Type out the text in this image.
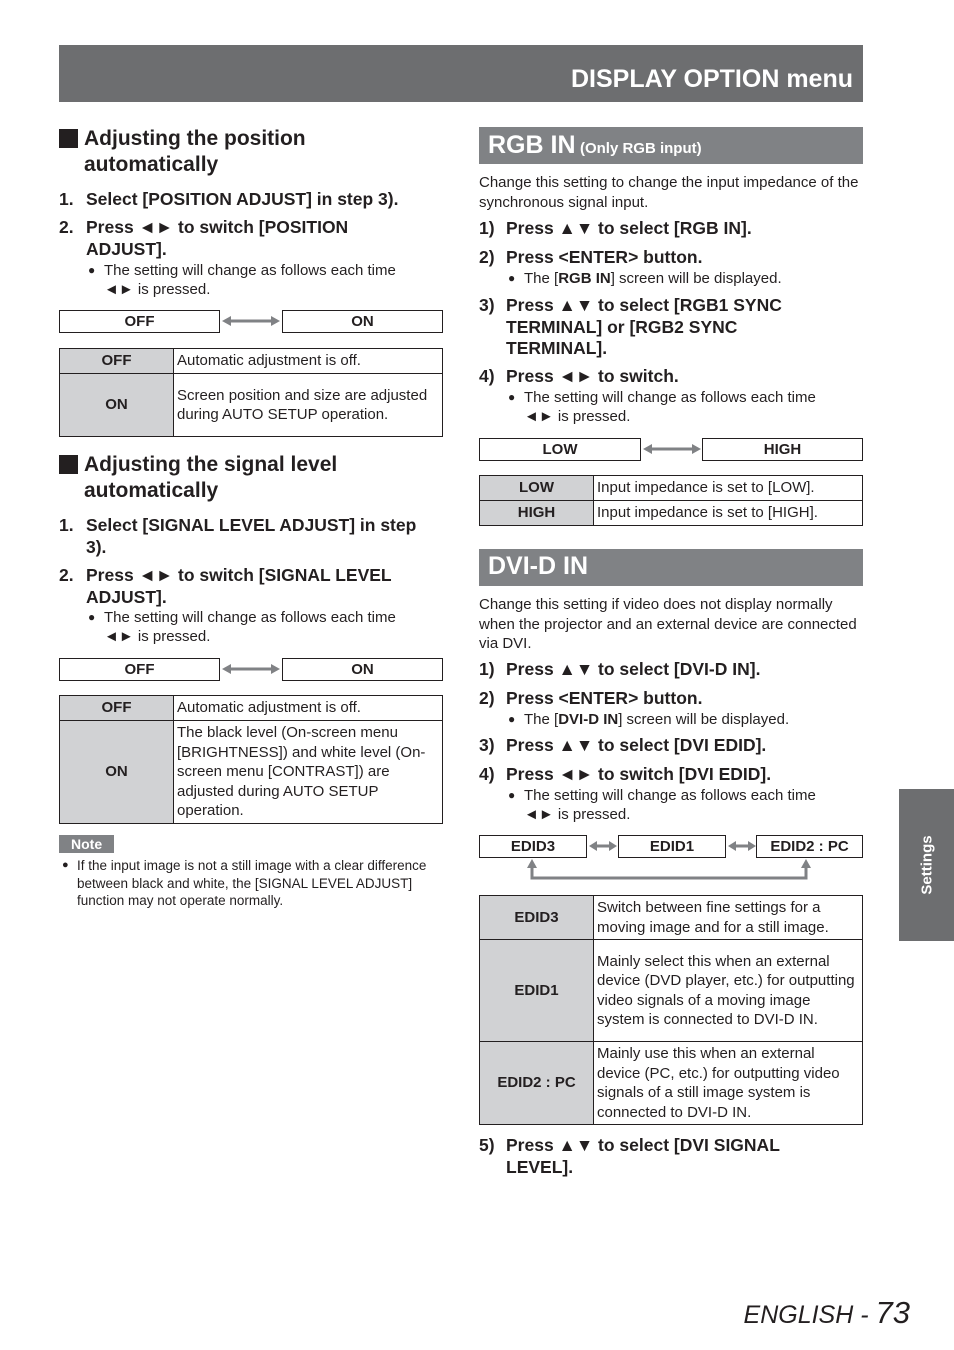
DISPLAY OPTION menu
Adjusting the position
automatically
1. Select [POSITION ADJUST] in step 3).
2. Press ◄► to switch [POSITION ADJUST].
● The setting will change as follows each time ◄► is pressed.
OFF	ON
OFF	Automatic adjustment is off.
ON	Screen position and size are adjusted during AUTO SETUP operation.
Adjusting the signal level
automatically
1. Select [SIGNAL LEVEL ADJUST] in step 3).
2. Press ◄► to switch [SIGNAL LEVEL ADJUST].
● The setting will change as follows each time ◄► is pressed.
OFF	ON
OFF	Automatic adjustment is off.
ON	The black level (On-screen menu [BRIGHTNESS]) and white level (On-screen menu [CONTRAST]) are adjusted during AUTO SETUP operation.
Note
● If the input image is not a still image with a clear difference between black and white, the [SIGNAL LEVEL ADJUST] function may not operate normally.
RGB IN (Only RGB input)
Change this setting to change the input impedance of the synchronous signal input.
1) Press ▲▼ to select [RGB IN].
2) Press <ENTER> button.
● The [RGB IN] screen will be displayed.
3) Press ▲▼ to select [RGB1 SYNC TERMINAL] or [RGB2 SYNC TERMINAL].
4) Press ◄► to switch.
● The setting will change as follows each time ◄► is pressed.
LOW	HIGH
LOW	Input impedance is set to [LOW].
HIGH	Input impedance is set to [HIGH].
DVI-D IN
Change this setting if video does not display normally when the projector and an external device are connected via DVI.
1) Press ▲▼ to select [DVI-D IN].
2) Press <ENTER> button.
● The [DVI-D IN] screen will be displayed.
3) Press ▲▼ to select [DVI EDID].
4) Press ◄► to switch [DVI EDID].
● The setting will change as follows each time ◄► is pressed.
EDID3	EDID1	EDID2 : PC
EDID3	Switch between fine settings for a moving image and for a still image.
EDID1	Mainly select this when an external device (DVD player, etc.) for outputting video signals of a moving image system is connected to DVI-D IN.
EDID2 : PC	Mainly use this when an external device (PC, etc.) for outputting video signals of a still image system is connected to DVI-D IN.
5) Press ▲▼ to select [DVI SIGNAL LEVEL].
Settings
ENGLISH - 73
